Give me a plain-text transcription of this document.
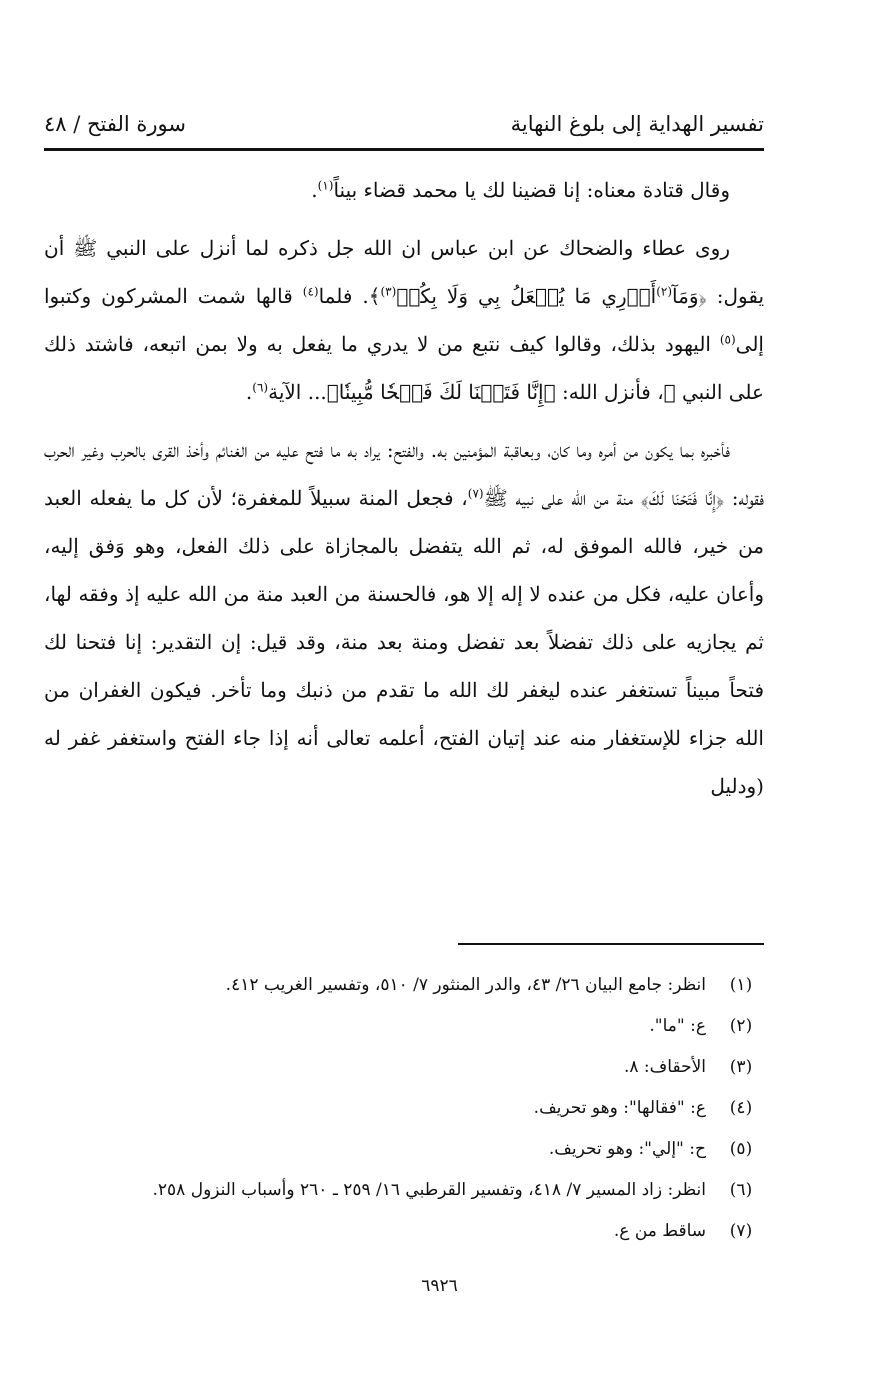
تفسير الهداية إلى بلوغ النهاية
سورة الفتح / ٤٨

وقال قتادة معناه: إنا قضينا لك يا محمد قضاء بيناً$^{(١)}$.

روى عطاء والضحاك عن ابن عباس ان الله جل ذكره لما أنزل على النبي ﷺ أن يقول: ﴿وَمَآ$^{(٢)}$أَدۡرِي مَا يُفۡعَلُ بِي وَلَا بِكُمۡ$^{(٣)}$﴾. فلما$^{(٤)}$ قالها شمت المشركون وكتبوا إلى$^{(٥)}$ اليهود بذلك، وقالوا كيف نتبع من لا يدري ما يفعل به ولا بمن اتبعه، فاشتد ذلك على النبي ﷺ، فأنزل الله: ﴿إِنَّا فَتَحۡنَا لَكَ فَتۡحٗا مُّبِينٗا﴾... الآية$^{(٦)}$.

فأخبره بما يكون من أمره وما كان، وبعاقبة المؤمنين به. والفتح: يراد به ما فتح عليه من الغنائم وأخذ القرى بالحرب وغير الحرب فقوله: ﴿إِنَّا فَتَحۡنَا لَكَ﴾ منة من الله على نبيه ﷺ$^{(٧)}$، فجعل المنة سبيلاً للمغفرة؛ لأن كل ما يفعله العبد من خير، فالله الموفق له، ثم الله يتفضل بالمجازاة على ذلك الفعل، وهو وَفق إليه، وأعان عليه، فكل من عنده لا إله إلا هو، فالحسنة من العبد منة من الله عليه إذ وفقه لها، ثم يجازيه على ذلك تفضلاً بعد تفضل ومنة بعد منة، وقد قيل: إن التقدير: إنا فتحنا لك فتحاً مبيناً تستغفر عنده ليغفر لك الله ما تقدم من ذنبك وما تأخر. فيكون الغفران من الله جزاء للإستغفار منه عند إتيان الفتح، أعلمه تعالى أنه إذا جاء الفتح واستغفر غفر له (ودليل

(١)
انظر: جامع البيان ٢٦/ ٤٣، والدر المنثور ٧/ ٥١٠، وتفسير الغريب ٤١٢.
(٢)
ع: "ما".
(٣)
الأحقاف: ٨.
(٤)
ع: "فقالها": وهو تحريف.
(٥)
ح: "إلي": وهو تحريف.
(٦)
انظر: زاد المسير ٧/ ٤١٨، وتفسير القرطبي ١٦/ ٢٥٩ ـ ٢٦٠ وأسباب النزول ٢٥٨.
(٧)
ساقط من ع.
٦٩٢٦
